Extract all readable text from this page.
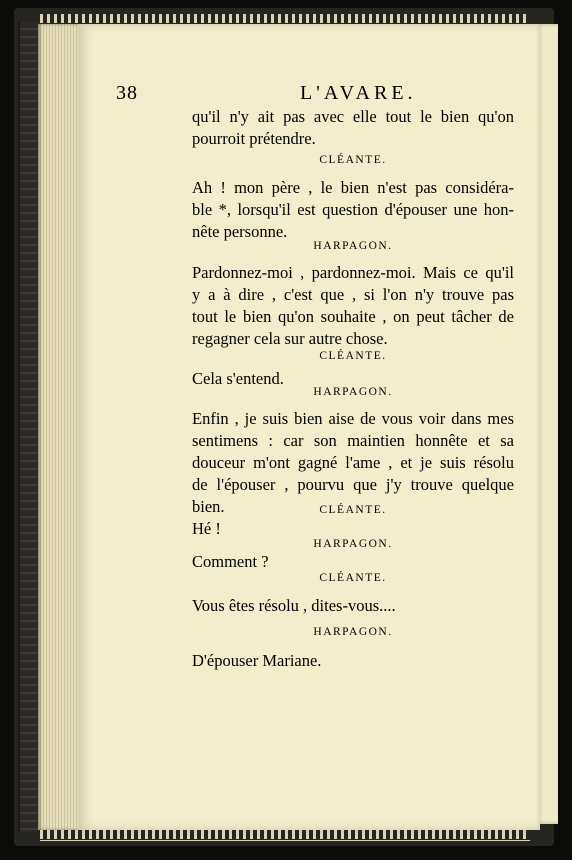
38	L'AVARE.
qu'il n'y ait pas avec elle tout le bien qu'on
pourroit prétendre.
CLÉANTE.
Ah ! mon père , le bien n'est pas considéra-
ble *, lorsqu'il est question d'épouser une hon-
nête personne.
HARPAGON.
Pardonnez-moi , pardonnez-moi. Mais ce qu'il
y a à dire , c'est que , si l'on n'y trouve pas
tout le bien qu'on souhaite , on peut tâcher de
regagner cela sur autre chose.
CLÉANTE.
Cela s'entend.
HARPAGON.
Enfin , je suis bien aise de vous voir dans mes
sentimens : car son maintien honnête et sa
douceur m'ont gagné l'ame , et je suis résolu
de l'épouser , pourvu que j'y trouve quelque
bien.	CLÉANTE.
Hé !
HARPAGON.
Comment ?
CLÉANTE.
Vous êtes résolu , dites-vous....
HARPAGON.
D'épouser Mariane.
